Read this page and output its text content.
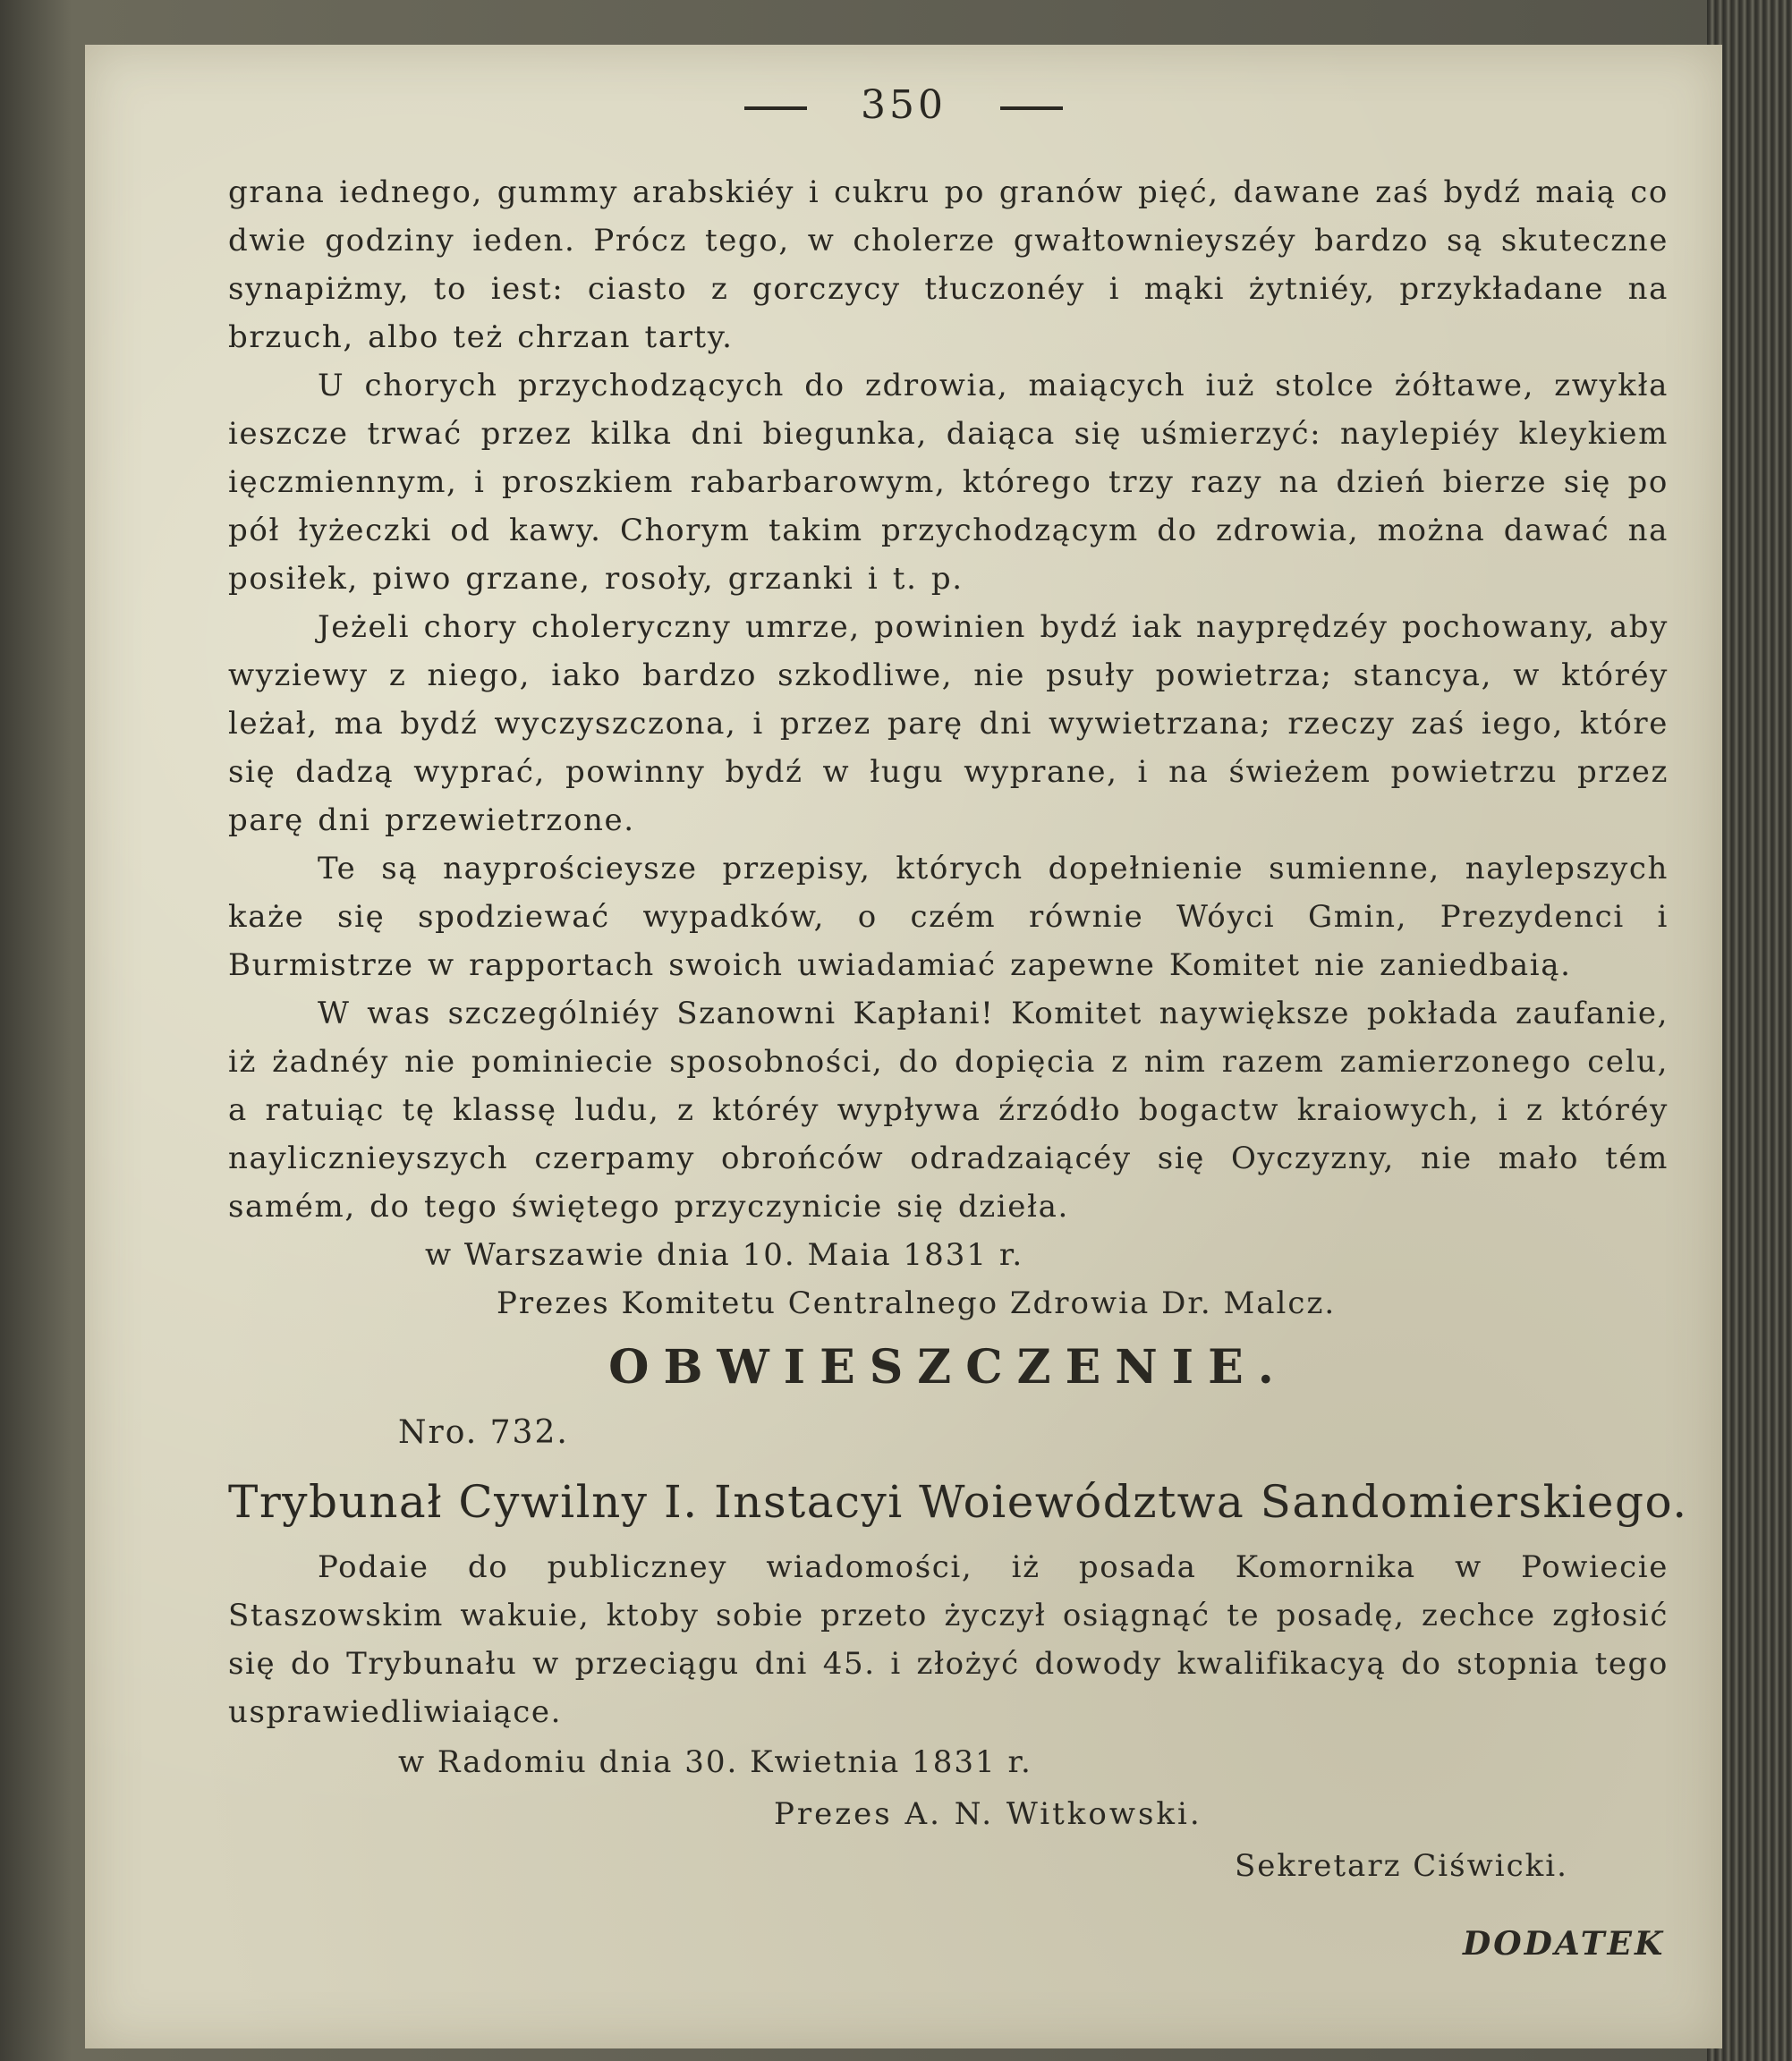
350

grana iednego, gummy arabskiéy i cukru po granów pięć, dawane zaś bydź maią co dwie godziny ieden. Prócz tego, w cholerze gwałtownieyszéy bardzo są skuteczne synapiżmy, to iest: ciasto z gorczycy tłuczonéy i mąki żytniéy, przykładane na brzuch, albo też chrzan tarty.

U chorych przychodzących do zdrowia, maiących iuż stolce żółtawe, zwykła ieszcze trwać przez kilka dni biegunka, daiąca się uśmierzyć: naylepiéy kleykiem ięczmiennym, i proszkiem rabarbarowym, którego trzy razy na dzień bierze się po pół łyżeczki od kawy. Chorym takim przychodzącym do zdrowia, można dawać na posiłek, piwo grzane, rosoły, grzanki i t. p.

Jeżeli chory choleryczny umrze, powinien bydź iak nayprędzéy pochowany, aby wyziewy z niego, iako bardzo szkodliwe, nie psuły powietrza; stancya, w któréy leżał, ma bydź wyczyszczona, i przez parę dni wywietrzana; rzeczy zaś iego, które się dadzą wyprać, powinny bydź w ługu wyprane, i na świeżem powietrzu przez parę dni przewietrzone.

Te są nayprościeysze przepisy, których dopełnienie sumienne, naylepszych każe się spodziewać wypadków, o czém równie Wóyci Gmin, Prezydenci i Burmistrze w rapportach swoich uwiadamiać zapewne Komitet nie zaniedbaią.

W was szczególniéy Szanowni Kapłani! Komitet naywiększe pokłada zaufanie, iż żadnéy nie pominiecie sposobności, do dopięcia z nim razem zamierzonego celu, a ratuiąc tę klassę ludu, z któréy wypływa źrzódło bogactw kraiowych, i z któréy naylicznieyszych czerpamy obrońców odradzaiącéy się Oyczyzny, nie mało tém samém, do tego świętego przyczynicie się dzieła.

w Warszawie dnia 10. Maia 1831 r.

Prezes Komitetu Centralnego Zdrowia Dr. Malcz.

OBWIESZCZENIE.
Nro. 732.
Trybunał Cywilny I. Instacyi Woiewództwa Sandomierskiego.

Podaie do publiczney wiadomości, iż posada Komornika w Powiecie Staszowskim wakuie, ktoby sobie przeto życzył osiągnąć te posadę, zechce zgłosić się do Trybunału w przeciągu dni 45. i złożyć dowody kwalifikacyą do stopnia tego usprawiedliwiaiące.

w Radomiu dnia 30. Kwietnia 1831 r.

Prezes A. N. Witkowski.

Sekretarz Ciświcki.

DODATEK
